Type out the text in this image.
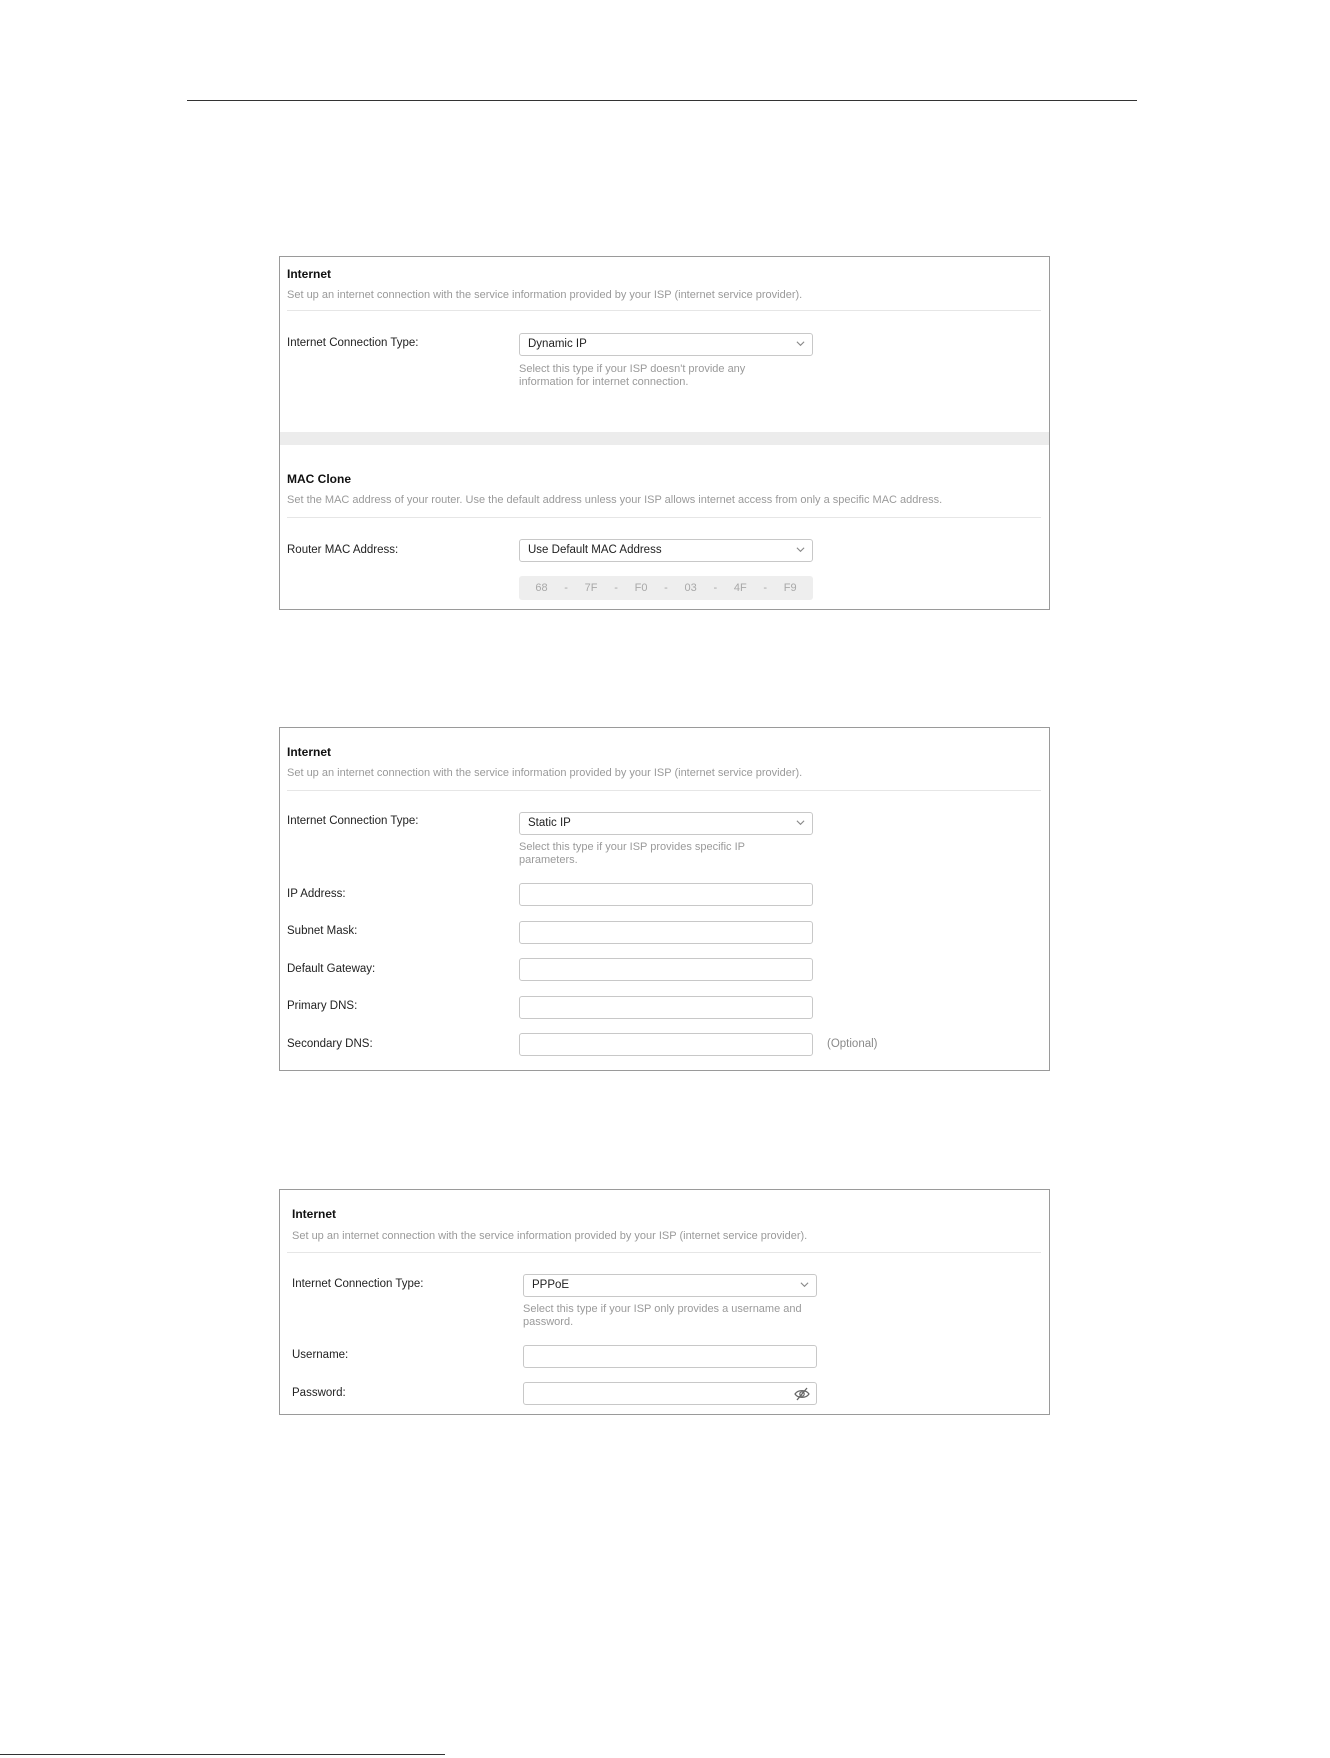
Internet
Set up an internet connection with the service information provided by your ISP (internet service provider).
Internet Connection Type:	Dynamic IP
Select this type if your ISP doesn't provide any information for internet connection.
MAC Clone
Set the MAC address of your router. Use the default address unless your ISP allows internet access from only a specific MAC address.
Router MAC Address:	Use Default MAC Address
68 - 7F - F0 - 03 - 4F - F9
Internet
Set up an internet connection with the service information provided by your ISP (internet service provider).
Internet Connection Type:	Static IP
Select this type if your ISP provides specific IP parameters.
IP Address:
Subnet Mask:
Default Gateway:
Primary DNS:
Secondary DNS:	(Optional)
Internet
Set up an internet connection with the service information provided by your ISP (internet service provider).
Internet Connection Type:	PPPoE
Select this type if your ISP only provides a username and password.
Username:
Password:
